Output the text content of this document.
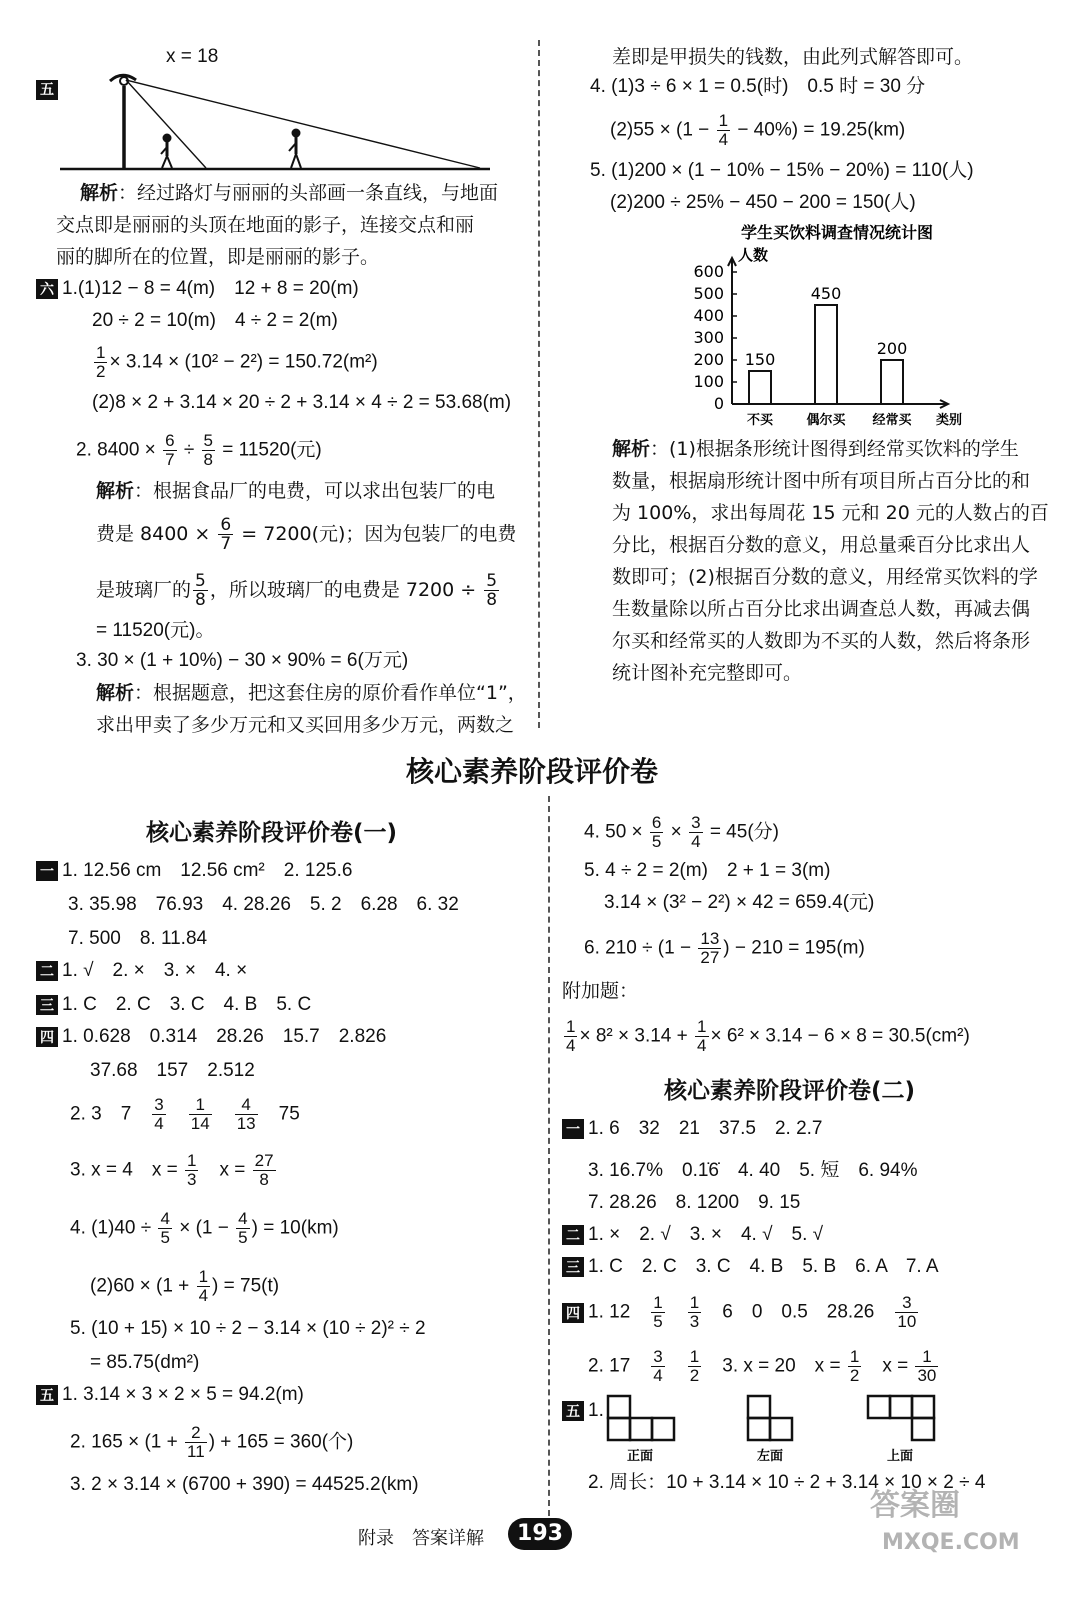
x = 18
五
解析：经过路灯与丽丽的头部画一条直线，与地面
交点即是丽丽的头顶在地面的影子，连接交点和丽
丽的脚所在的位置，即是丽丽的影子。
六 1.(1)12 − 8 = 4(m)　12 + 8 = 20(m)
20 ÷ 2 = 10(m)　4 ÷ 2 = 2(m)
$\frac{1}{2} \times 3.14 \times (10^2 - 2^2) = 150.72(m^2)$
(2)8 × 2 + 3.14 × 20 ÷ 2 + 3.14 × 4 ÷ 2 = 53.68(m)
2. $8400 \times \frac{6}{7} \div \frac{5}{8} = 11520$(元)
解析：根据食品厂的电费，可以求出包装厂的电
费是 $8400 \times \frac{6}{7} = 7200$(元)；因为包装厂的电费
是玻璃厂的 $\frac{5}{8}$ ，所以玻璃厂的电费是 $7200 \div \frac{5}{8}$
= 11520(元)。
3. 30 × (1 + 10%) − 30 × 90% = 6(万元)
解析：根据题意，把这套住房的原价看作单位“1”，
求出甲卖了多少万元和又买回用多少万元，两数之
差即是甲损失的钱数，由此列式解答即可。
4. (1)3 ÷ 6 × 1 = 0.5(时)　0.5 时 = 30 分
$(2)55 \times (1 - \frac{1}{4} - 40\%) = 19.25(km)$
5. (1)200 × (1 − 10% − 15% − 20%) = 110(人)
(2)200 ÷ 25% − 450 − 200 = 150(人)
学生买饮料调查情况统计图
人数
0
100
200
300
400
500
600
类别
150
不买
450
偶尔买
200
经常买
解析：(1)根据条形统计图得到经常买饮料的学生
数量，根据扇形统计图中所有项目所占百分比的和
为 100%，求出每周花 15 元和 20 元的人数占的百
分比，根据百分数的意义，用总量乘百分比求出人
数即可；(2)根据百分数的意义，用经常买饮料的学
生数量除以所占百分比求出调查总人数，再减去偶
尔买和经常买的人数即为不买的人数，然后将条形
统计图补充完整即可。
核心素养阶段评价卷
核心素养阶段评价卷(一)
一 1. 12.56 cm　12.56 cm²　2. 125.6
3. 35.98　76.93　4. 28.26　5. 2　6.28　6. 32
7. 500　8. 11.84
二 1. √　2. ×　3. ×　4. ×
三 1. C　2. C　3. C　4. B　5. C
四 1. 0.628　0.314　28.26　15.7　2.826
37.68　157　2.512
2. 3　7　 $\frac{3}{4}$
　 $\frac{1}{14}$
　 $\frac{4}{13}$
　 75
3. x = 4　$x = \frac{1}{3}$
　 $x = \frac{27}{8}$
4. $(1)40 \div \frac{4}{5} \times (1 - \frac{4}{5}$ ) = 10(km)
$(2)60 \times (1 + \frac{1}{4}$ ) = 75(t)
5. (10 + 15) × 10 ÷ 2 − 3.14 × (10 ÷ 2)² ÷ 2
= 85.75(dm²)
五 1. 3.14 × 3 × 2 × 5 = 94.2(m)
2. $165 \times (1 + \frac{2}{11}$ ) + 165 = 360(个)
3. 2 × 3.14 × (6700 + 390) = 44525.2(km)
4. $50 \times \frac{6}{5} \times \frac{3}{4} = 45$(分)
5. 4 ÷ 2 = 2(m)　2 + 1 = 3(m)
3.14 × (3² − 2²) × 42 = 659.4(元)
6. $210 \div (1 - \frac{13}{27}$ ) − 210 = 195(m)
附加题：
$\frac{1}{4} \times 8^2 \times 3.14 + \frac{1}{4} \times 6^2 \times 3.14 - 6 \times 8 = 30.5(cm^2)$
核心素养阶段评价卷(二)
一 1. 6　32　21　37.5　2. 2.7
3. 16.7%　0.1̇6̇　4. 40　5. 短　6. 94%
7. 28.26　8. 1200　9. 15
二 1. ×　2. √　3. ×　4. √　5. √
三 1. C　2. C　3. C　4. B　5. B　6. A　7. A
四 1. 12　 $\frac{1}{5}$
　 $\frac{1}{3}$
　 6　0　0.5　28.26　 $\frac{3}{10}$
2. 17　 $\frac{3}{4}$
　 $\frac{1}{2}$
　 3. x = 20　$x = \frac{1}{2}$
　 $x = \frac{1}{30}$
五 1.
正面	左面	上面
2. 周长：10 + 3.14 × 10 ÷ 2 + 3.14 × 10 × 2 ÷ 4
附录　答案详解	193
答案圈
MXQE.COM
